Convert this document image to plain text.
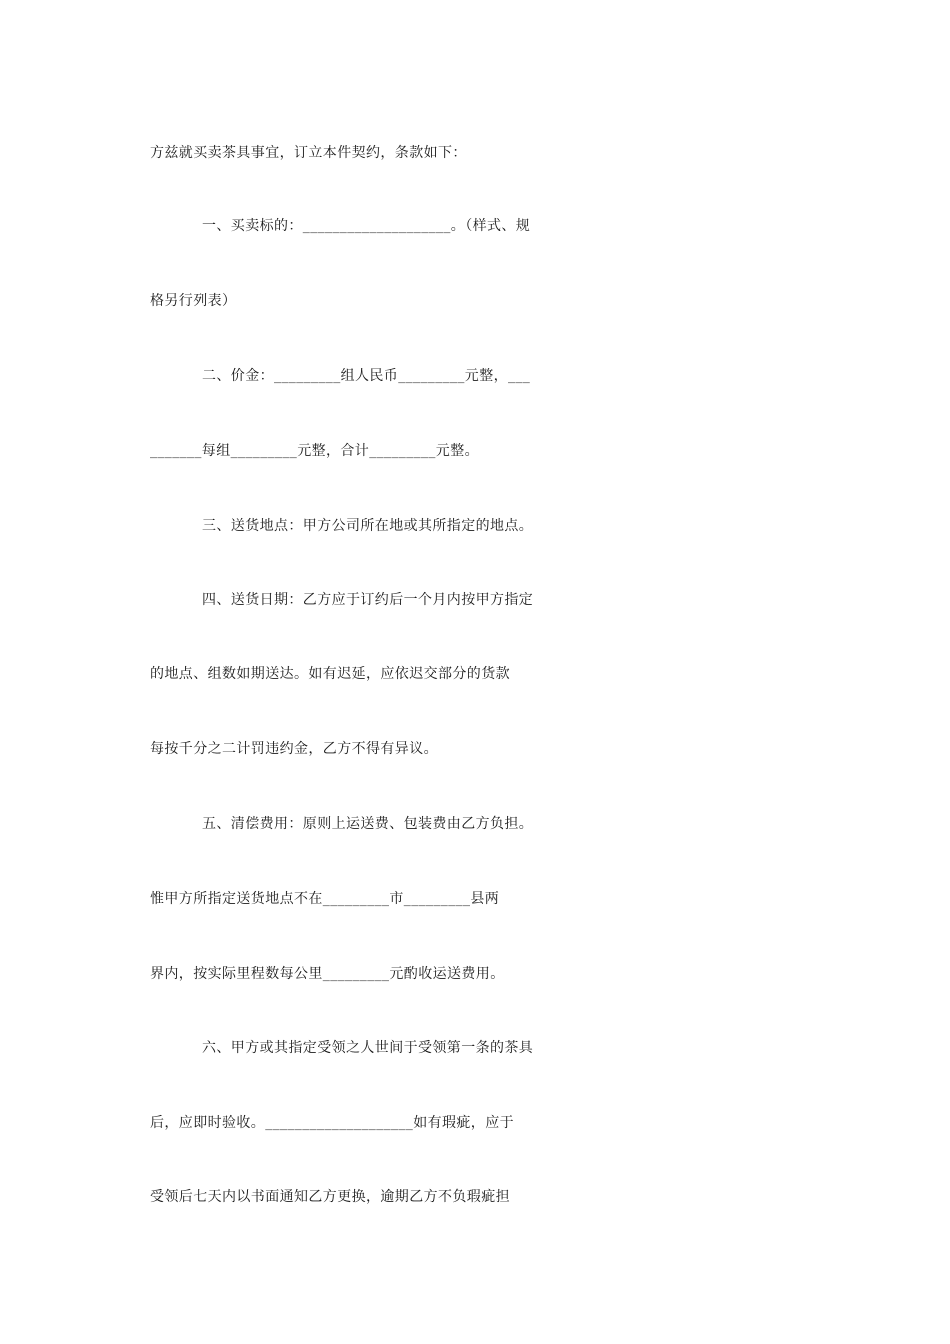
方兹就买卖茶具事宜，订立本件契约，条款如下：
一、买卖标的：____________________。（样式、规
格另行列表）
二、价金：_________组人民币_________元整，___
_______每组_________元整，合计_________元整。
三、送货地点：甲方公司所在地或其所指定的地点。
四、送货日期：乙方应于订约后一个月内按甲方指定
的地点、组数如期送达。如有迟延，应依迟交部分的货款
每按千分之二计罚违约金，乙方不得有异议。
五、清偿费用：原则上运送费、包装费由乙方负担。
惟甲方所指定送货地点不在_________市_________县两
界内，按实际里程数每公里_________元酌收运送费用。
六、甲方或其指定受领之人世间于受领第一条的茶具
后，应即时验收。____________________如有瑕疵，应于
受领后七天内以书面通知乙方更换，逾期乙方不负瑕疵担
